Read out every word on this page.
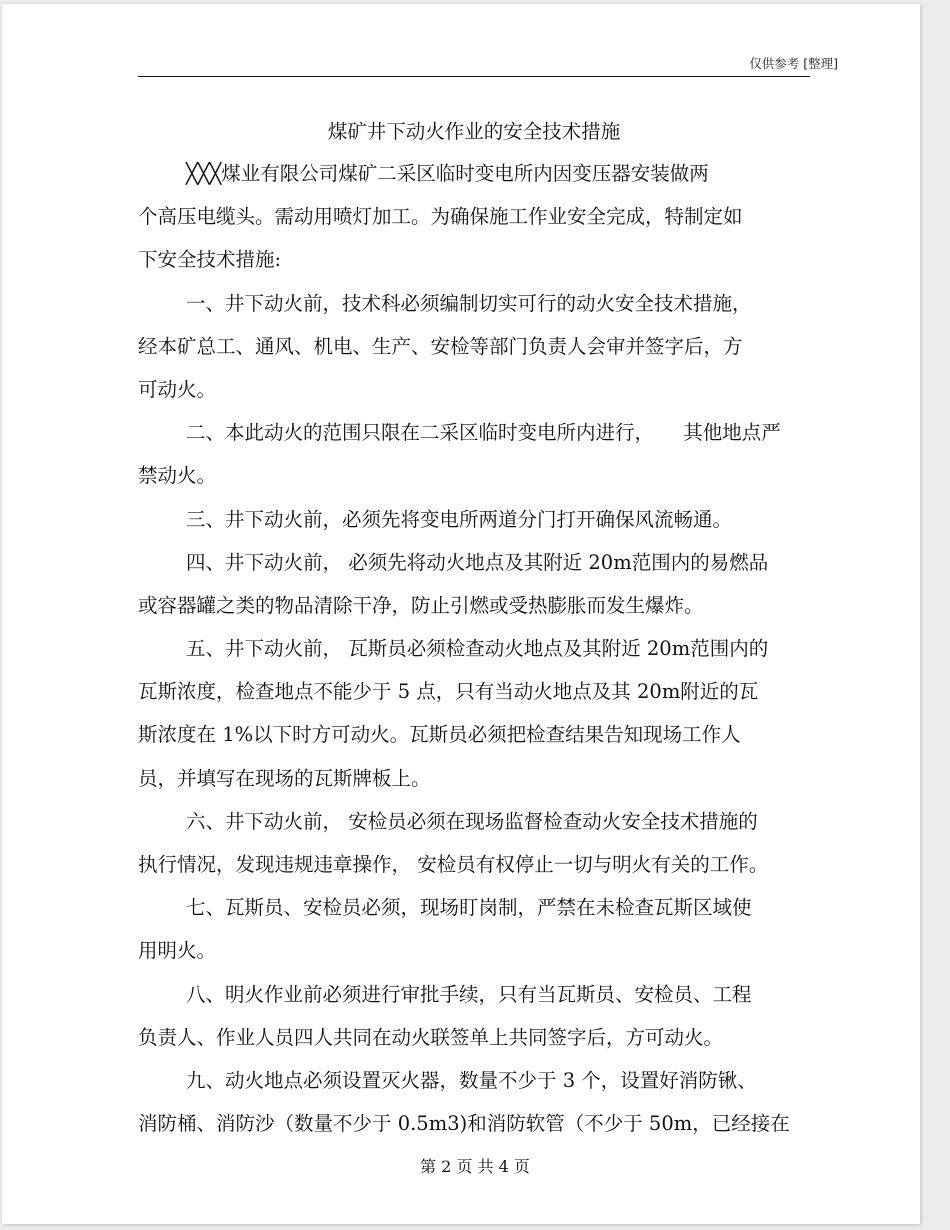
仅供参考 [整理]
煤矿井下动火作业的安全技术措施
╳╳╳煤业有限公司煤矿二采区临时变电所内因变压器安装做两
个高压电缆头。需动用喷灯加工。为确保施工作业安全完成，特制定如
下安全技术措施:
一、井下动火前，技术科必须编制切实可行的动火安全技术措施，
经本矿总工、通风、机电、生产、安检等部门负责人会审并签字后，方
可动火。
二、本此动火的范围只限在二采区临时变电所内进行，　　其他地点严
禁动火。
三、井下动火前，必须先将变电所两道分门打开确保风流畅通。
四、井下动火前， 必须先将动火地点及其附近 20m范围内的易燃品
或容器罐之类的物品清除干净，防止引燃或受热膨胀而发生爆炸。
五、井下动火前， 瓦斯员必须检查动火地点及其附近 20m范围内的
瓦斯浓度，检查地点不能少于 5 点，只有当动火地点及其 20m附近的瓦
斯浓度在 1%以下时方可动火。瓦斯员必须把检查结果告知现场工作人
员，并填写在现场的瓦斯牌板上。
六、井下动火前， 安检员必须在现场监督检查动火安全技术措施的
执行情况，发现违规违章操作， 安检员有权停止一切与明火有关的工作。
七、瓦斯员、安检员必须，现场盯岗制，严禁在未检查瓦斯区域使
用明火。
八、明火作业前必须进行审批手续，只有当瓦斯员、安检员、工程
负责人、作业人员四人共同在动火联签单上共同签字后，方可动火。
九、动火地点必须设置灭火器，数量不少于 3 个，设置好消防锹、
消防桶、消防沙（数量不少于 0.5m3)和消防软管（不少于 50m，已经接在
第 2 页 共 4 页
